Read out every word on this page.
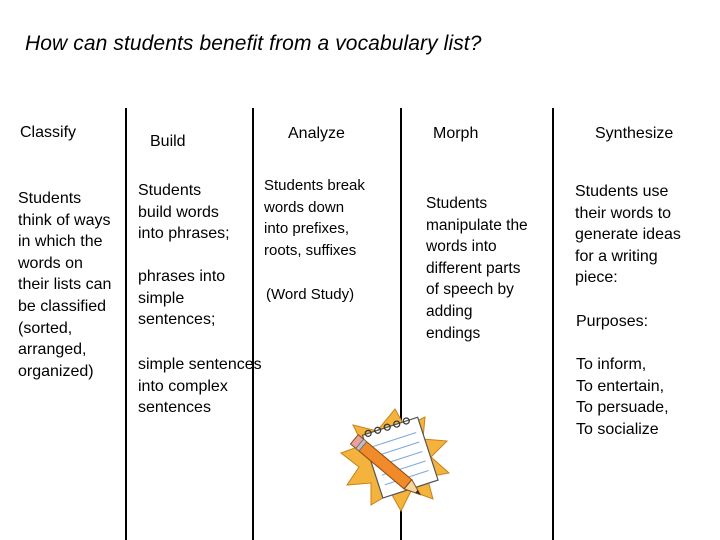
How can students benefit from a vocabulary list?
Classify
Students
think of ways
in which the
words on
their lists can
be classified
(sorted,
arranged,
organized)
Build
Students
build words
into phrases;
phrases into
simple
sentences;
simple sentences
into complex
sentences
Analyze
Students break
words down
into prefixes,
roots, suffixes
(Word Study)
Morph
Students
manipulate the
words into
different parts
of speech by
adding
endings
Synthesize
Students use
their words to
generate ideas
for a writing
piece:
Purposes:
To inform,
To entertain,
To persuade,
To socialize
